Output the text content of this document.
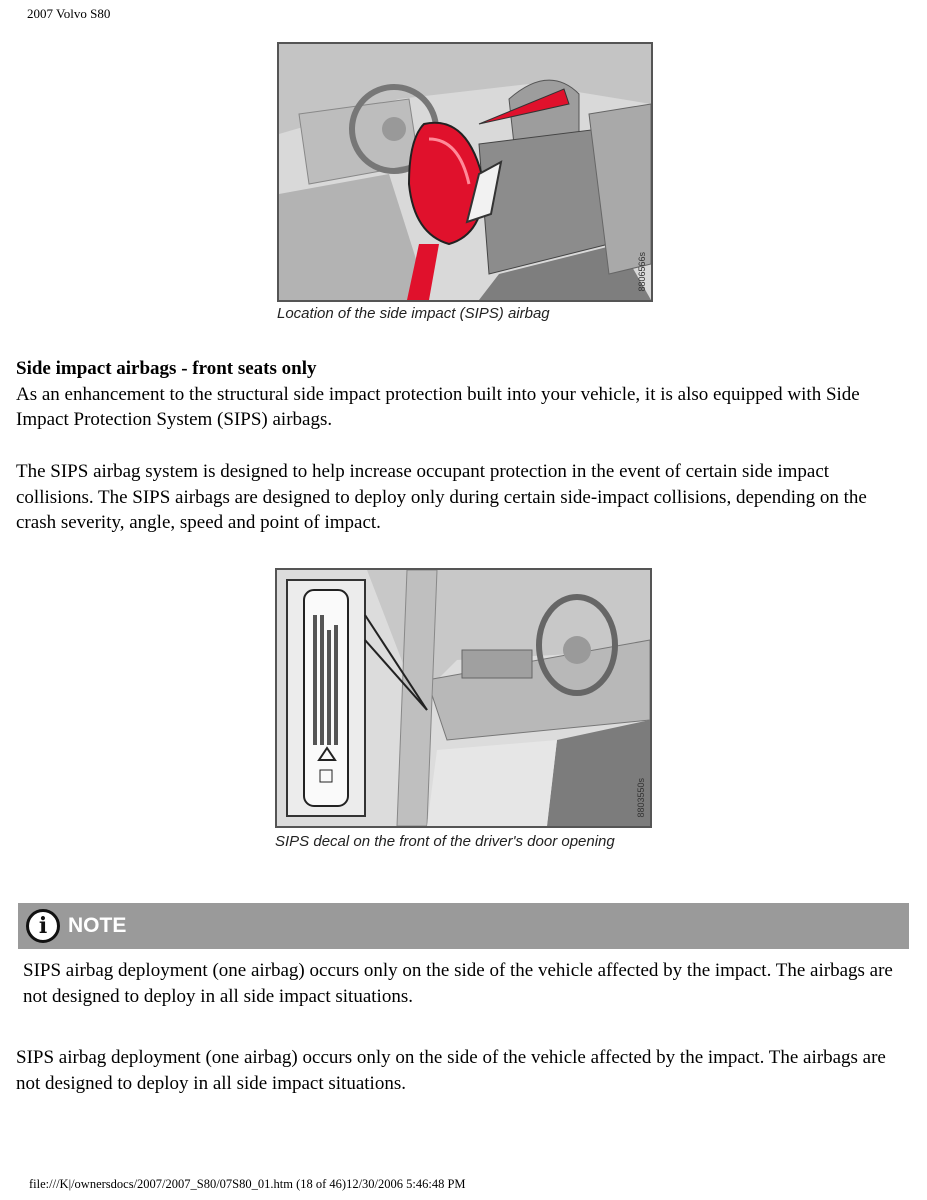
2007 Volvo S80
8806566s
Location of the side impact (SIPS) airbag
Side impact airbags - front seats only
As an enhancement to the structural side impact protection built into your vehicle, it is also equipped with Side Impact Protection System (SIPS) airbags.
The SIPS airbag system is designed to help increase occupant protection in the event of certain side impact collisions. The SIPS airbags are designed to deploy only during certain side-impact collisions, depending on the crash severity, angle, speed and point of impact.
8803550s
SIPS decal on the front of the driver's door opening
i NOTE
SIPS airbag deployment (one airbag) occurs only on the side of the vehicle affected by the impact. The airbags are not designed to deploy in all side impact situations.
SIPS airbag deployment (one airbag) occurs only on the side of the vehicle affected by the impact. The airbags are not designed to deploy in all side impact situations.
file:///K|/ownersdocs/2007/2007_S80/07S80_01.htm (18 of 46)12/30/2006 5:46:48 PM
